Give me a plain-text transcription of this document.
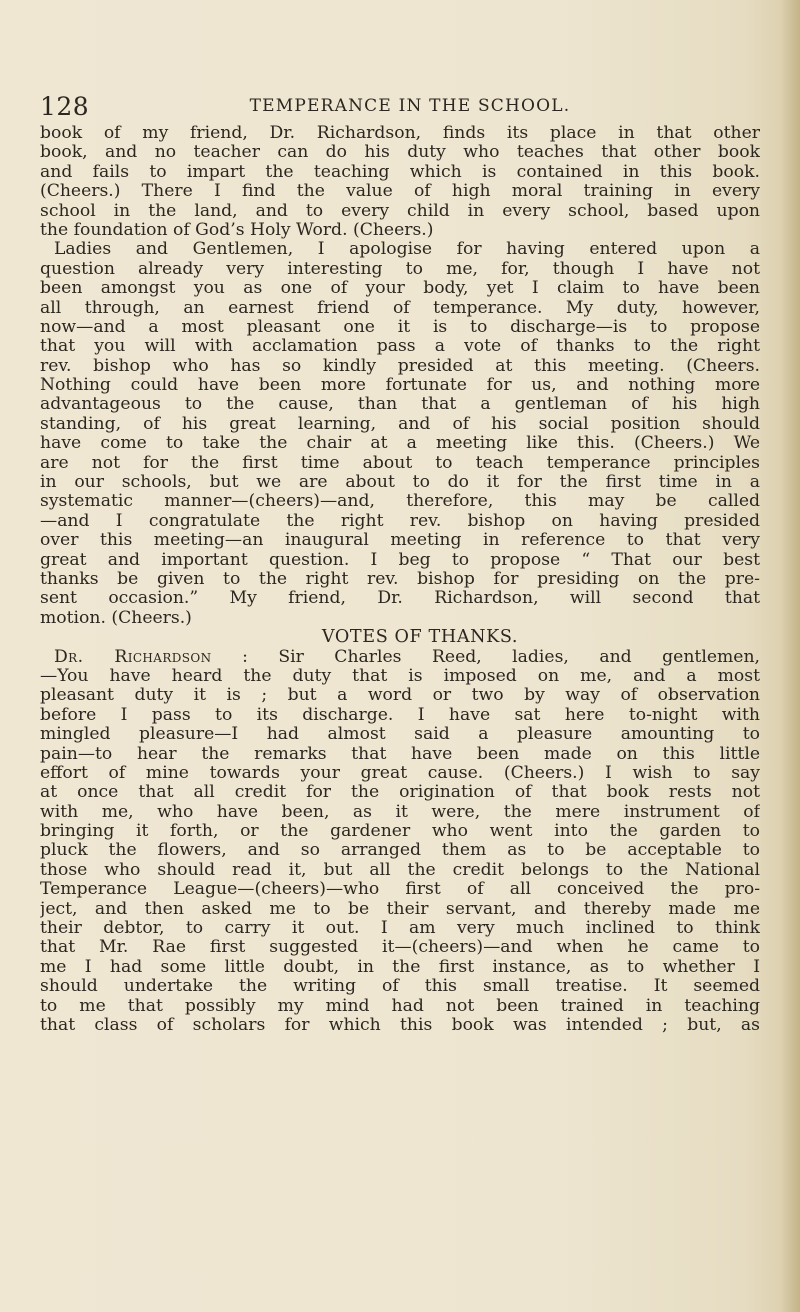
128	TEMPERANCE IN THE SCHOOL.
book of my friend, Dr. Richardson, finds its place in that other
book, and no teacher can do his duty who teaches that other book
and fails to impart the teaching which is contained in this book.
(Cheers.) There I find the value of high moral training in every
school in the land, and to every child in every school, based upon
the foundation of God’s Holy Word. (Cheers.)
Ladies and Gentlemen, I apologise for having entered upon a
question already very interesting to me, for, though I have not
been amongst you as one of your body, yet I claim to have been
all through, an earnest friend of temperance. My duty, however,
now—and a most pleasant one it is to discharge—is to propose
that you will with acclamation pass a vote of thanks to the right
rev. bishop who has so kindly presided at this meeting. (Cheers.
Nothing could have been more fortunate for us, and nothing more
advantageous to the cause, than that a gentleman of his high
standing, of his great learning, and of his social position should
have come to take the chair at a meeting like this. (Cheers.) We
are not for the first time about to teach temperance principles
in our schools, but we are about to do it for the first time in a
systematic manner—(cheers)—and, therefore, this may be called
—and I congratulate the right rev. bishop on having presided
over this meeting—an inaugural meeting in reference to that very
great and important question. I beg to propose “ That our best
thanks be given to the right rev. bishop for presiding on the pre-
sent occasion.” My friend, Dr. Richardson, will second that
motion. (Cheers.)
VOTES OF THANKS.
Dr. Richardson : Sir Charles Reed, ladies, and gentlemen,
—You have heard the duty that is imposed on me, and a most
pleasant duty it is ; but a word or two by way of observation
before I pass to its discharge. I have sat here to-night with
mingled pleasure—I had almost said a pleasure amounting to
pain—to hear the remarks that have been made on this little
effort of mine towards your great cause. (Cheers.) I wish to say
at once that all credit for the origination of that book rests not
with me, who have been, as it were, the mere instrument of
bringing it forth, or the gardener who went into the garden to
pluck the flowers, and so arranged them as to be acceptable to
those who should read it, but all the credit belongs to the National
Temperance League—(cheers)—who first of all conceived the pro-
ject, and then asked me to be their servant, and thereby made me
their debtor, to carry it out. I am very much inclined to think
that Mr. Rae first suggested it—(cheers)—and when he came to
me I had some little doubt, in the first instance, as to whether I
should undertake the writing of this small treatise. It seemed
to me that possibly my mind had not been trained in teaching
that class of scholars for which this book was intended ; but, as
